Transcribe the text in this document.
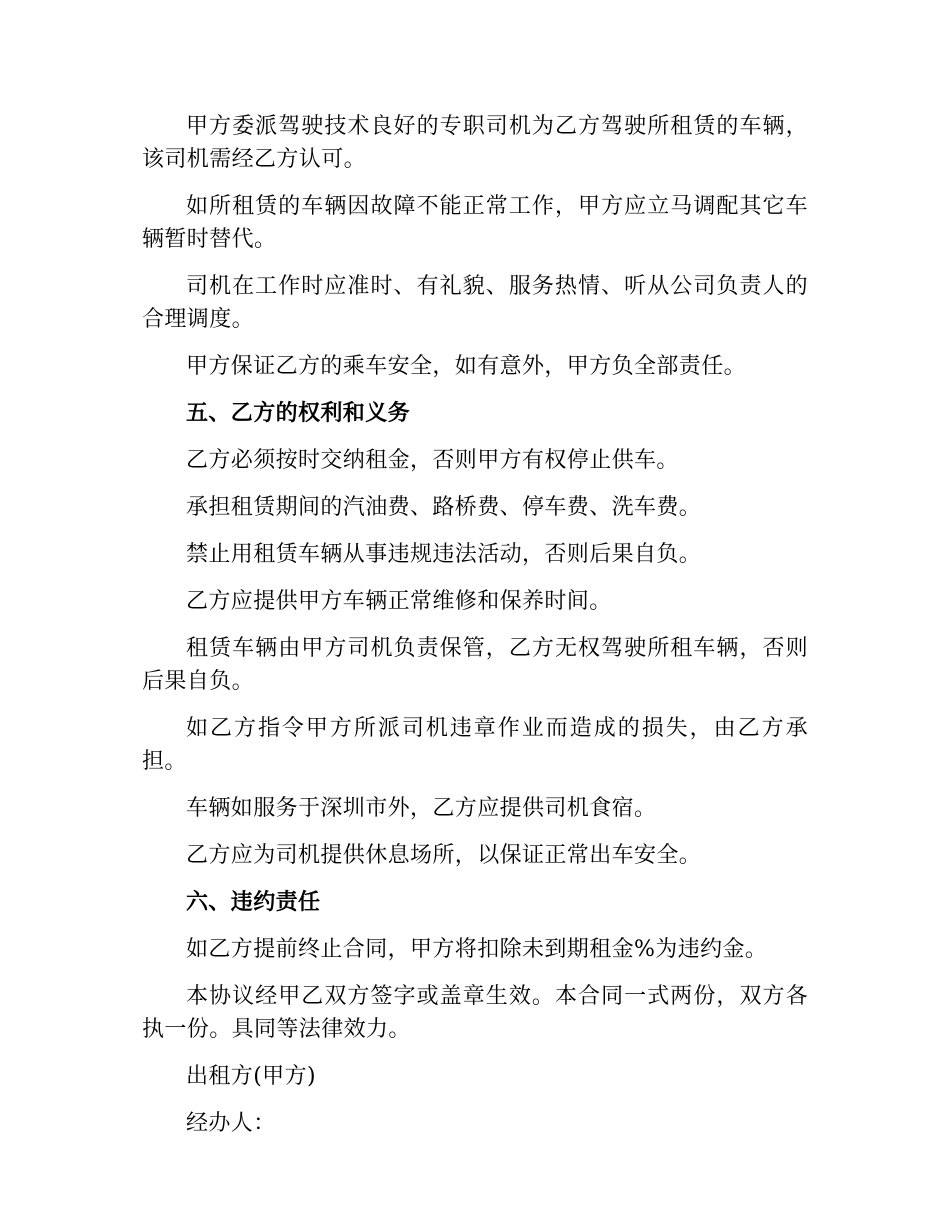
甲方委派驾驶技术良好的专职司机为乙方驾驶所租赁的车辆，该司机需经乙方认可。

如所租赁的车辆因故障不能正常工作，甲方应立马调配其它车辆暂时替代。

司机在工作时应准时、有礼貌、服务热情、听从公司负责人的合理调度。

甲方保证乙方的乘车安全，如有意外，甲方负全部责任。

五、乙方的权利和义务

乙方必须按时交纳租金，否则甲方有权停止供车。

承担租赁期间的汽油费、路桥费、停车费、洗车费。

禁止用租赁车辆从事违规违法活动，否则后果自负。

乙方应提供甲方车辆正常维修和保养时间。

租赁车辆由甲方司机负责保管，乙方无权驾驶所租车辆，否则后果自负。

如乙方指令甲方所派司机违章作业而造成的损失，由乙方承担。

车辆如服务于深圳市外，乙方应提供司机食宿。

乙方应为司机提供休息场所，以保证正常出车安全。

六、违约责任

如乙方提前终止合同，甲方将扣除未到期租金%为违约金。

本协议经甲乙双方签字或盖章生效。本合同一式两份，双方各执一份。具同等法律效力。

出租方(甲方)

经办人：
